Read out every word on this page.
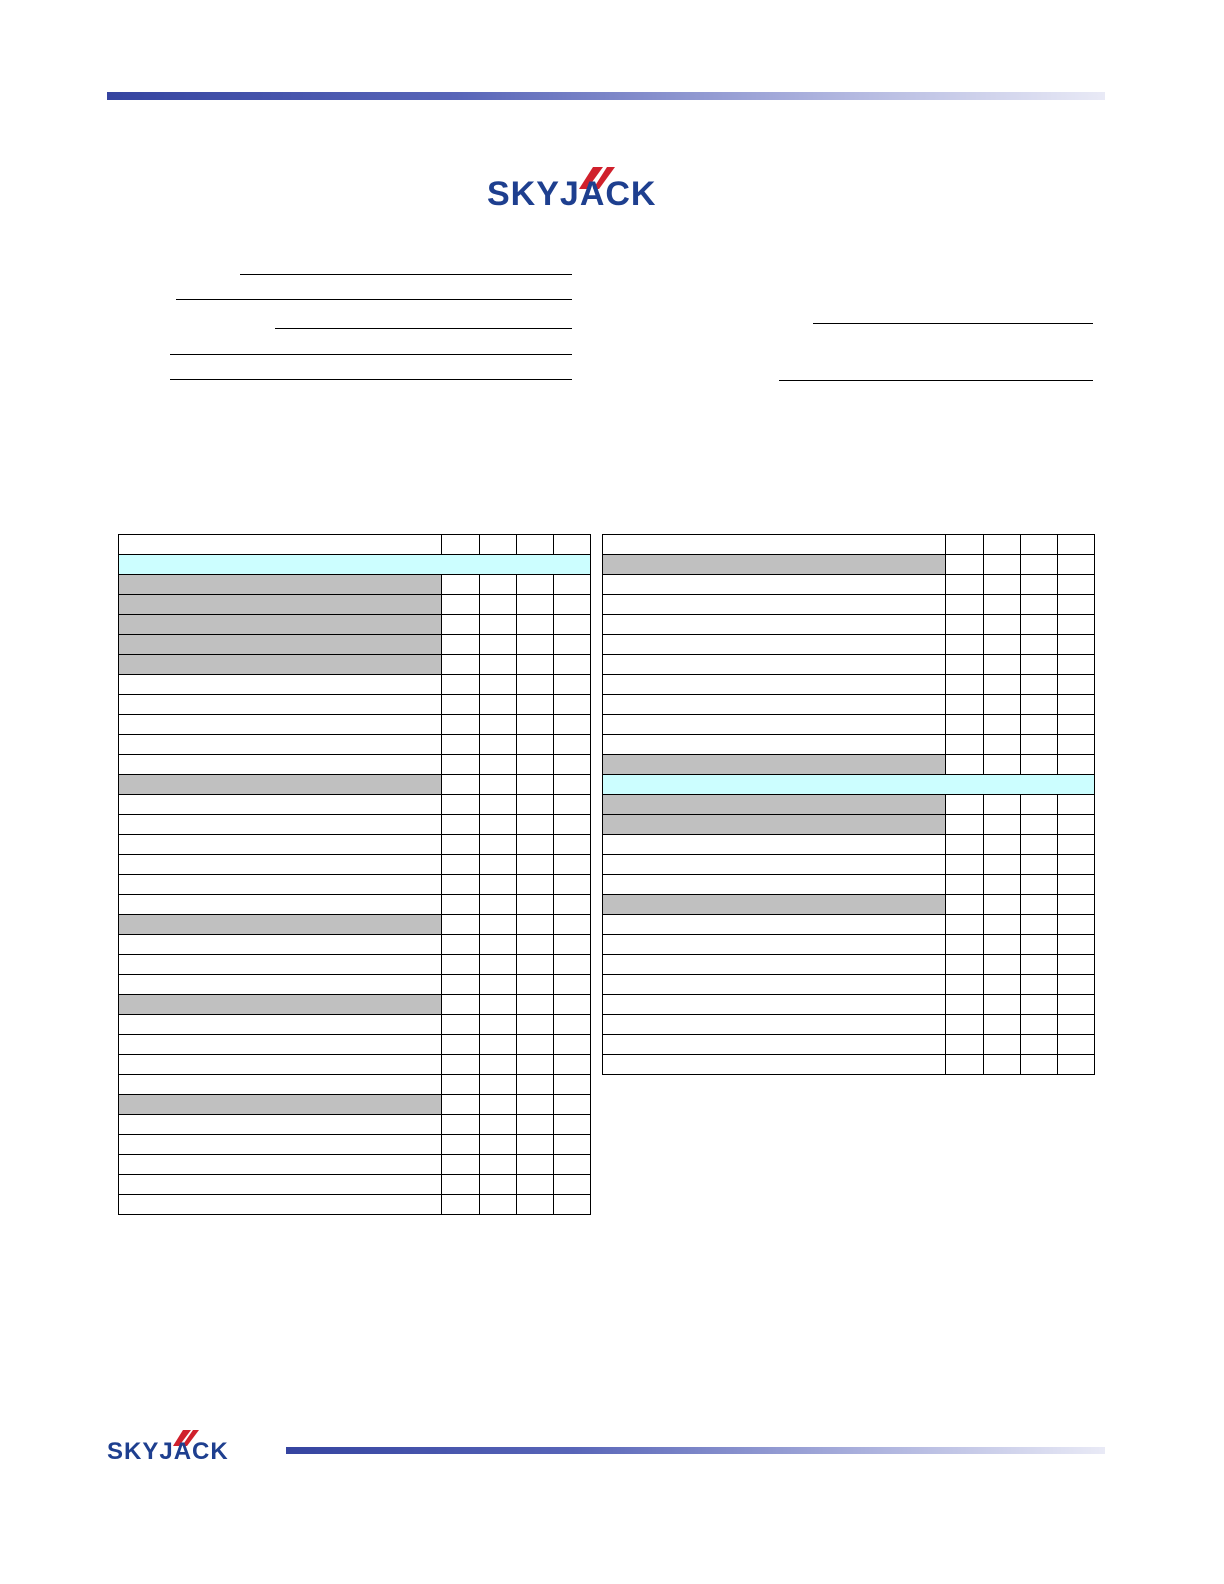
SKYJACK

SKYJACK
